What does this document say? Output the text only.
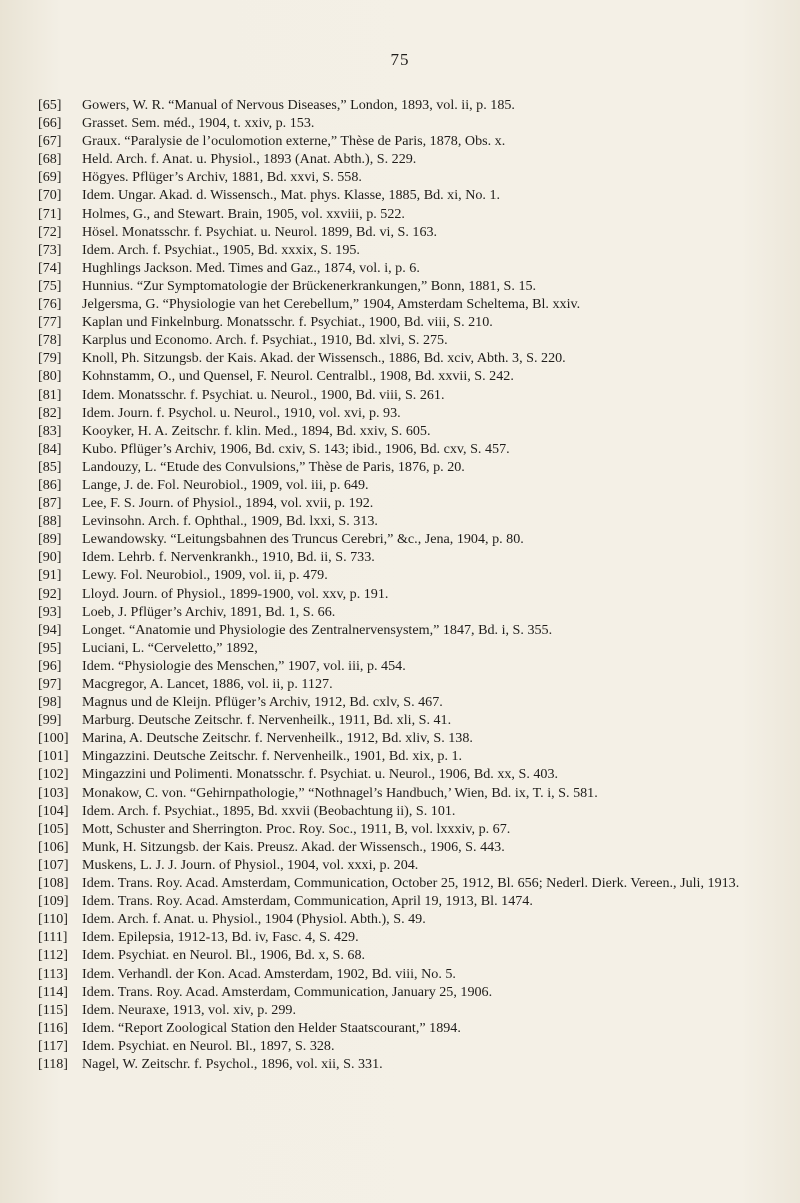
75
[65]	Gowers, W. R. “Manual of Nervous Diseases,” London, 1893, vol. ii, p. 185.
[66]	Grasset. Sem. méd., 1904, t. xxiv, p. 153.
[67]	Graux. “Paralysie de l’oculomotion externe,” Thèse de Paris, 1878, Obs. x.
[68]	Held. Arch. f. Anat. u. Physiol., 1893 (Anat. Abth.), S. 229.
[69]	Högyes. Pflüger’s Archiv, 1881, Bd. xxvi, S. 558.
[70]	Idem. Ungar. Akad. d. Wissensch., Mat. phys. Klasse, 1885, Bd. xi, No. 1.
[71]	Holmes, G., and Stewart. Brain, 1905, vol. xxviii, p. 522.
[72]	Hösel. Monatsschr. f. Psychiat. u. Neurol. 1899, Bd. vi, S. 163.
[73]	Idem. Arch. f. Psychiat., 1905, Bd. xxxix, S. 195.
[74]	Hughlings Jackson. Med. Times and Gaz., 1874, vol. i, p. 6.
[75]	Hunnius. “Zur Symptomatologie der Brückenerkrankungen,” Bonn, 1881, S. 15.
[76]	Jelgersma, G. “Physiologie van het Cerebellum,” 1904, Amsterdam Scheltema, Bl. xxiv.
[77]	Kaplan und Finkelnburg. Monatsschr. f. Psychiat., 1900, Bd. viii, S. 210.
[78]	Karplus und Economo. Arch. f. Psychiat., 1910, Bd. xlvi, S. 275.
[79]	Knoll, Ph. Sitzungsb. der Kais. Akad. der Wissensch., 1886, Bd. xciv, Abth. 3, S. 220.
[80]	Kohnstamm, O., und Quensel, F. Neurol. Centralbl., 1908, Bd. xxvii, S. 242.
[81]	Idem. Monatsschr. f. Psychiat. u. Neurol., 1900, Bd. viii, S. 261.
[82]	Idem. Journ. f. Psychol. u. Neurol., 1910, vol. xvi, p. 93.
[83]	Kooyker, H. A. Zeitschr. f. klin. Med., 1894, Bd. xxiv, S. 605.
[84]	Kubo. Pflüger’s Archiv, 1906, Bd. cxiv, S. 143; ibid., 1906, Bd. cxv, S. 457.
[85]	Landouzy, L. “Etude des Convulsions,” Thèse de Paris, 1876, p. 20.
[86]	Lange, J. de. Fol. Neurobiol., 1909, vol. iii, p. 649.
[87]	Lee, F. S. Journ. of Physiol., 1894, vol. xvii, p. 192.
[88]	Levinsohn. Arch. f. Ophthal., 1909, Bd. lxxi, S. 313.
[89]	Lewandowsky. “Leitungsbahnen des Truncus Cerebri,” &c., Jena, 1904, p. 80.
[90]	Idem. Lehrb. f. Nervenkrankh., 1910, Bd. ii, S. 733.
[91]	Lewy. Fol. Neurobiol., 1909, vol. ii, p. 479.
[92]	Lloyd. Journ. of Physiol., 1899-1900, vol. xxv, p. 191.
[93]	Loeb, J. Pflüger’s Archiv, 1891, Bd. 1, S. 66.
[94]	Longet. “Anatomie und Physiologie des Zentralnervensystem,” 1847, Bd. i, S. 355.
[95]	Luciani, L. “Cerveletto,” 1892,
[96]	Idem. “Physiologie des Menschen,” 1907, vol. iii, p. 454.
[97]	Macgregor, A. Lancet, 1886, vol. ii, p. 1127.
[98]	Magnus und de Kleijn. Pflüger’s Archiv, 1912, Bd. cxlv, S. 467.
[99]	Marburg. Deutsche Zeitschr. f. Nervenheilk., 1911, Bd. xli, S. 41.
[100] Marina, A. Deutsche Zeitschr. f. Nervenheilk., 1912, Bd. xliv, S. 138.
[101] Mingazzini. Deutsche Zeitschr. f. Nervenheilk., 1901, Bd. xix, p. 1.
[102] Mingazzini und Polimenti. Monatsschr. f. Psychiat. u. Neurol., 1906, Bd. xx, S. 403.
[103] Monakow, C. von. “Gehirnpathologie,” “Nothnagel’s Handbuch,’ Wien, Bd. ix, T. i, S. 581.
[104] Idem. Arch. f. Psychiat., 1895, Bd. xxvii (Beobachtung ii), S. 101.
[105] Mott, Schuster and Sherrington. Proc. Roy. Soc., 1911, B, vol. lxxxiv, p. 67.
[106] Munk, H. Sitzungsb. der Kais. Preusz. Akad. der Wissensch., 1906, S. 443.
[107] Muskens, L. J. J. Journ. of Physiol., 1904, vol. xxxi, p. 204.
[108] Idem. Trans. Roy. Acad. Amsterdam, Communication, October 25, 1912, Bl. 656; Nederl. Dierk. Vereen., Juli, 1913.
[109] Idem. Trans. Roy. Acad. Amsterdam, Communication, April 19, 1913, Bl. 1474.
[110] Idem. Arch. f. Anat. u. Physiol., 1904 (Physiol. Abth.), S. 49.
[111]	Idem. Epilepsia, 1912-13, Bd. iv, Fasc. 4, S. 429.
[112] Idem. Psychiat. en Neurol. Bl., 1906, Bd. x, S. 68.
[113] Idem. Verhandl. der Kon. Acad. Amsterdam, 1902, Bd. viii, No. 5.
[114] Idem. Trans. Roy. Acad. Amsterdam, Communication, January 25, 1906.
[115] Idem. Neuraxe, 1913, vol. xiv, p. 299.
[116] Idem. “Report Zoological Station den Helder Staatscourant,” 1894.
[117] Idem. Psychiat. en Neurol. Bl., 1897, S. 328.
[118] Nagel, W. Zeitschr. f. Psychol., 1896, vol. xii, S. 331.
